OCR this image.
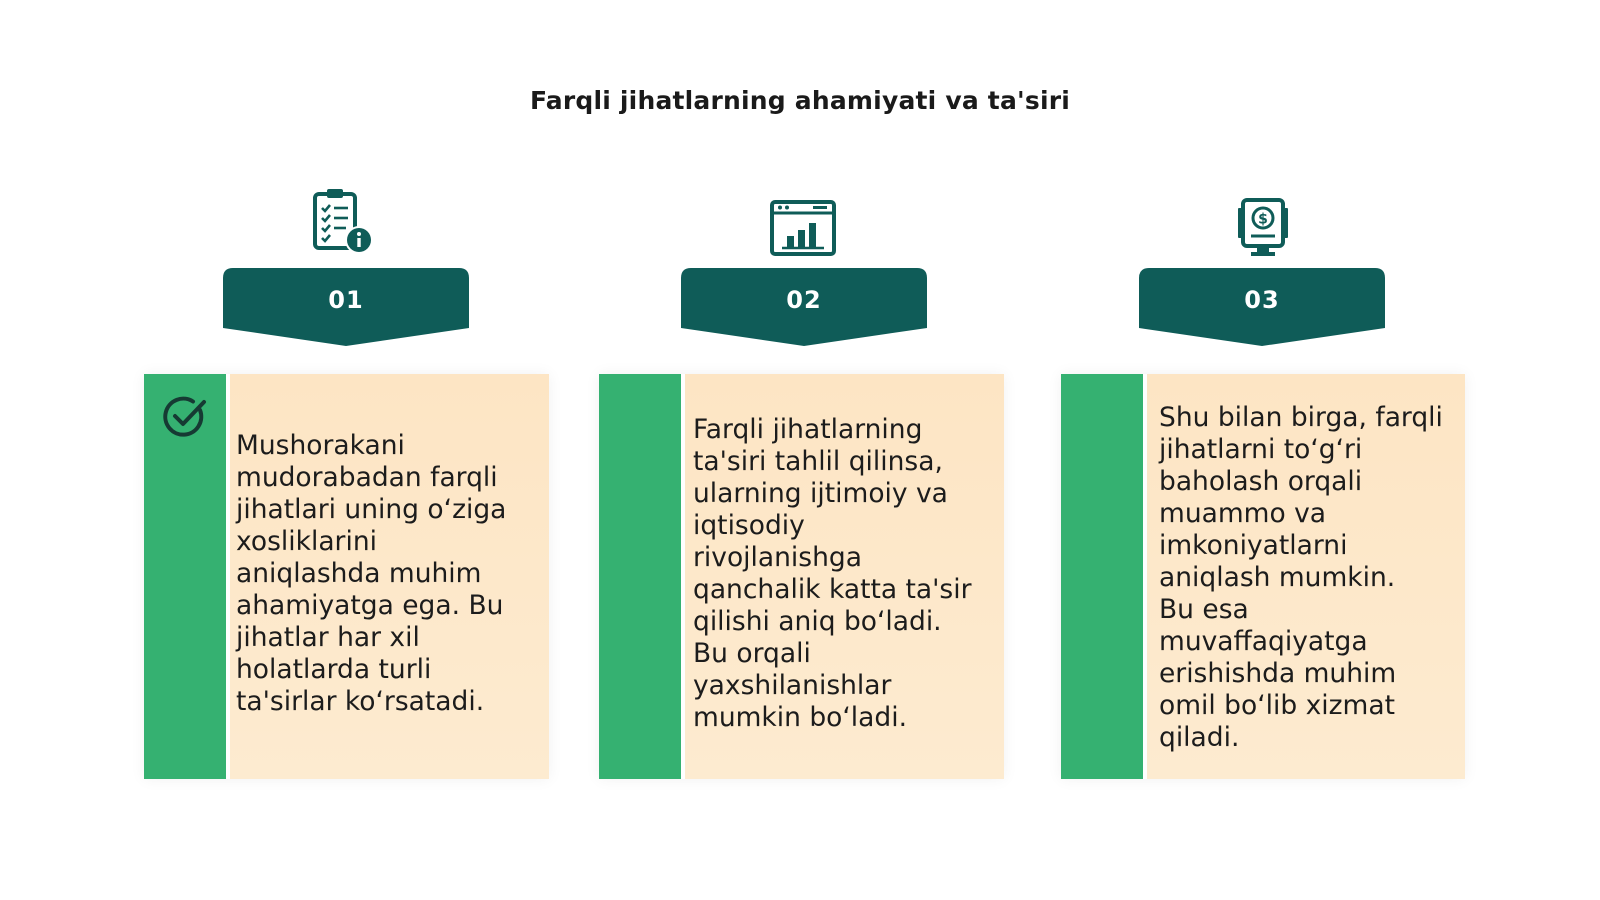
Farqli jihatlarning ahamiyati va ta'siri
01
Mushorakani
mudorabadan farqli
jihatlari uning o‘ziga
xosliklarini
aniqlashda muhim
ahamiyatga ega. Bu
jihatlar har xil
holatlarda turli
ta'sirlar ko‘rsatadi.
02
Farqli jihatlarning
ta'siri tahlil qilinsa,
ularning ijtimoiy va
iqtisodiy
rivojlanishga
qanchalik katta ta'sir
qilishi aniq bo‘ladi.
Bu orqali
yaxshilanishlar
mumkin bo‘ladi.
$
03
Shu bilan birga, farqli
jihatlarni to‘g‘ri
baholash orqali
muammo va
imkoniyatlarni
aniqlash mumkin.
Bu esa
muvaffaqiyatga
erishishda muhim
omil bo‘lib xizmat
qiladi.
